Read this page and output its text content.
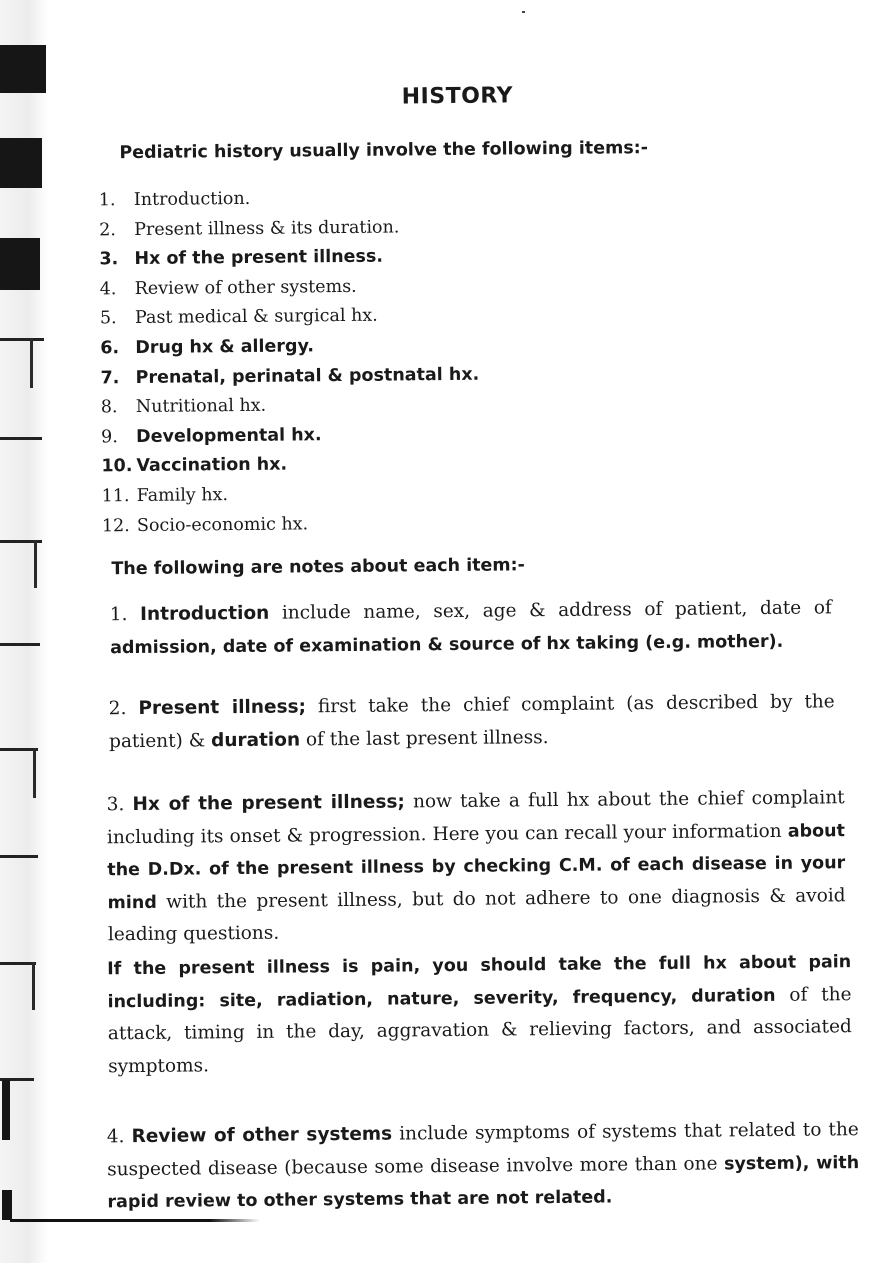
HISTORY
Pediatric history usually involve the following items:-
1. Introduction.
2. Present illness & its duration.
3. Hx of the present illness.
4. Review of other systems.
5. Past medical & surgical hx.
6. Drug hx & allergy.
7. Prenatal, perinatal & postnatal hx.
8. Nutritional hx.
9. Developmental hx.
10. Vaccination hx.
11. Family hx.
12. Socio-economic hx.
The following are notes about each item:-
1. Introduction include name, sex, age & address of patient, date of
admission, date of examination & source of hx taking (e.g. mother).
2. Present illness; first take the chief complaint (as described by the patient) & duration of the last present illness.
3. Hx of the present illness; now take a full hx about the chief complaint including its onset & progression. Here you can recall your information about the D.Dx. of the present illness by checking C.M. of each disease in your mind with the present illness, but do not adhere to one diagnosis & avoid leading questions.
If the present illness is pain, you should take the full hx about pain including: site, radiation, nature, severity, frequency, duration of the attack, timing in the day, aggravation & relieving factors, and associated symptoms.
4. Review of other systems include symptoms of systems that related to the suspected disease (because some disease involve more than one system), with rapid review to other systems that are not related.
